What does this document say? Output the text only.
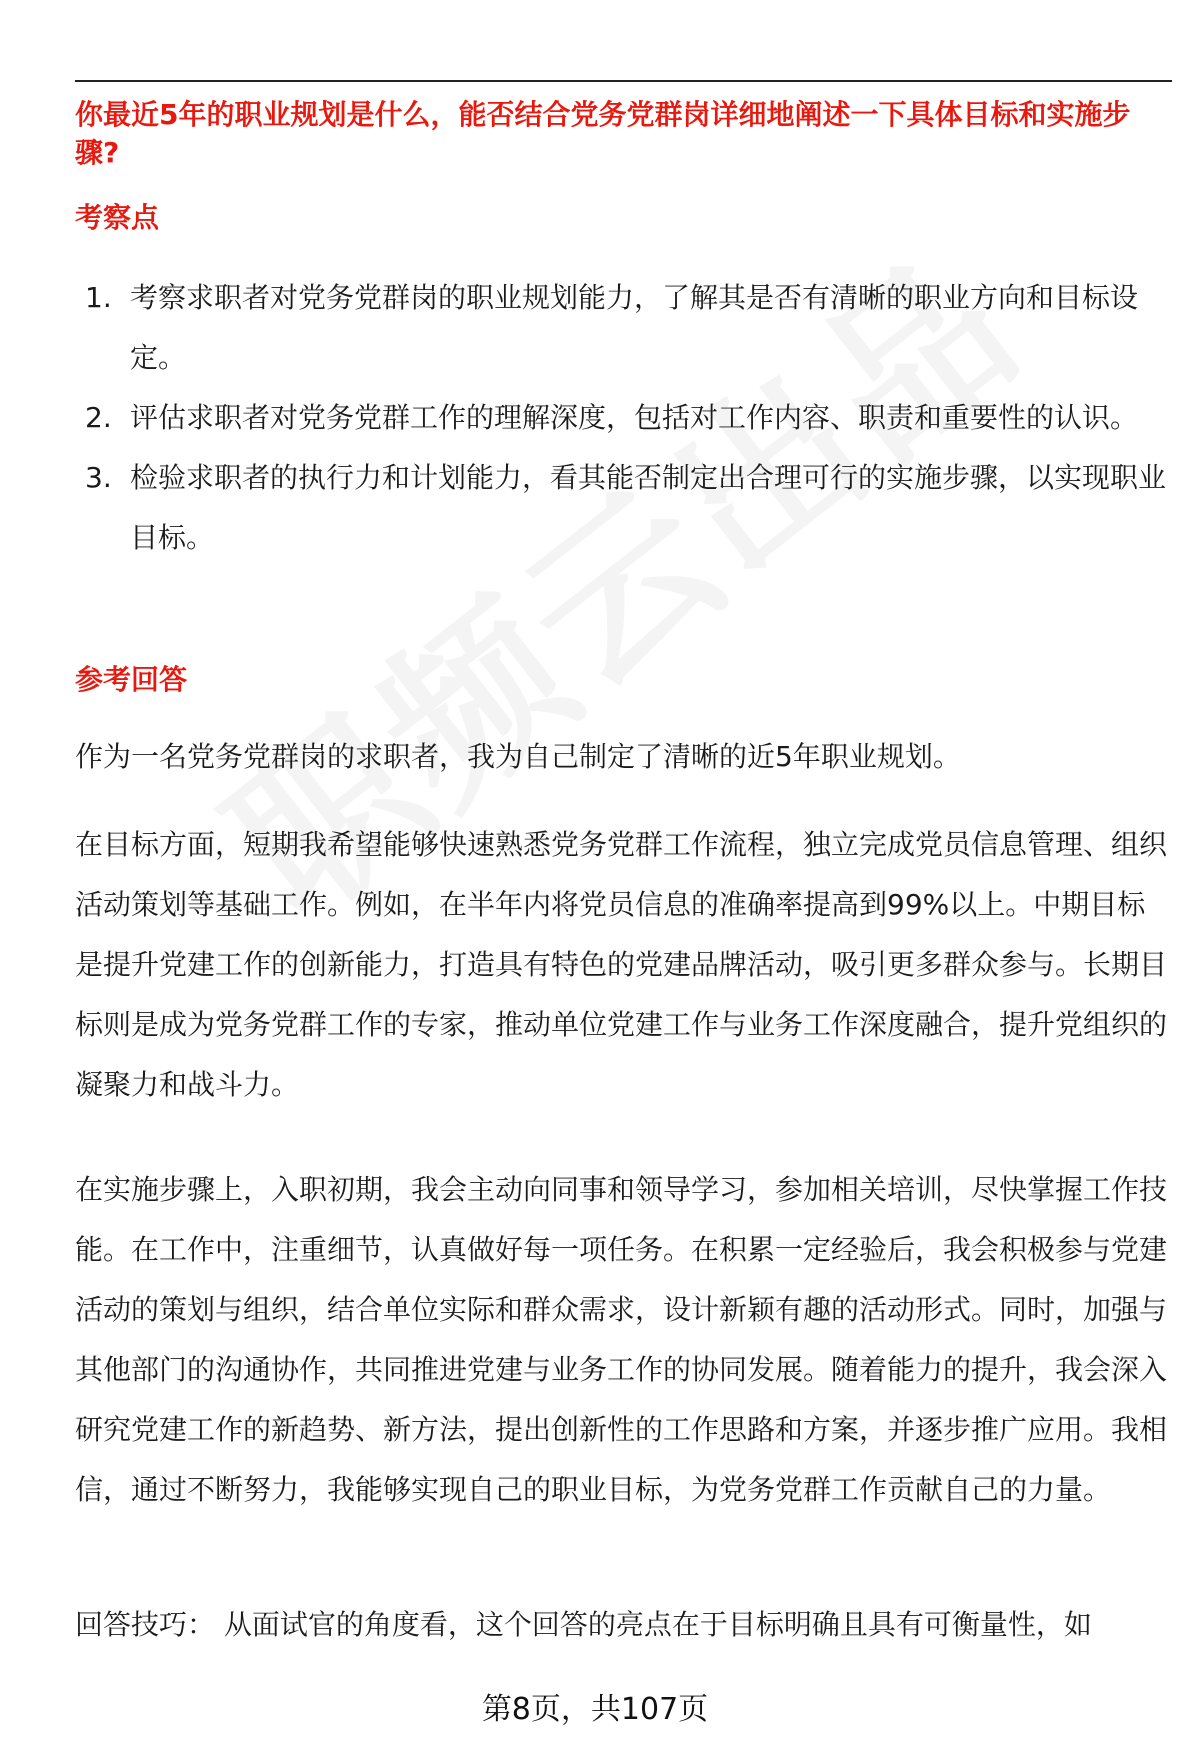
你最近5年的职业规划是什么，能否结合党务党群岗详细地阐述一下具体目标和实施步骤?
考察点
1. 考察求职者对党务党群岗的职业规划能力，了解其是否有清晰的职业方向和目标设定。
2. 评估求职者对党务党群工作的理解深度，包括对工作内容、职责和重要性的认识。
3. 检验求职者的执行力和计划能力，看其能否制定出合理可行的实施步骤，以实现职业目标。
参考回答

作为一名党务党群岗的求职者，我为自己制定了清晰的近5年职业规划。

在目标方面，短期我希望能够快速熟悉党务党群工作流程，独立完成党员信息管理、组织活动策划等基础工作。例如，在半年内将党员信息的准确率提高到99%以上。中期目标是提升党建工作的创新能力，打造具有特色的党建品牌活动，吸引更多群众参与。长期目标则是成为党务党群工作的专家，推动单位党建工作与业务工作深度融合，提升党组织的凝聚力和战斗力。

在实施步骤上，入职初期，我会主动向同事和领导学习，参加相关培训，尽快掌握工作技能。在工作中，注重细节，认真做好每一项任务。在积累一定经验后，我会积极参与党建活动的策划与组织，结合单位实际和群众需求，设计新颖有趣的活动形式。同时，加强与其他部门的沟通协作，共同推进党建与业务工作的协同发展。随着能力的提升，我会深入研究党建工作的新趋势、新方法，提出创新性的工作思路和方案，并逐步推广应用。我相信，通过不断努力，我能够实现自己的职业目标，为党务党群工作贡献自己的力量。

回答技巧： 从面试官的角度看，这个回答的亮点在于目标明确且具有可衡量性，如

第8页，共107页
